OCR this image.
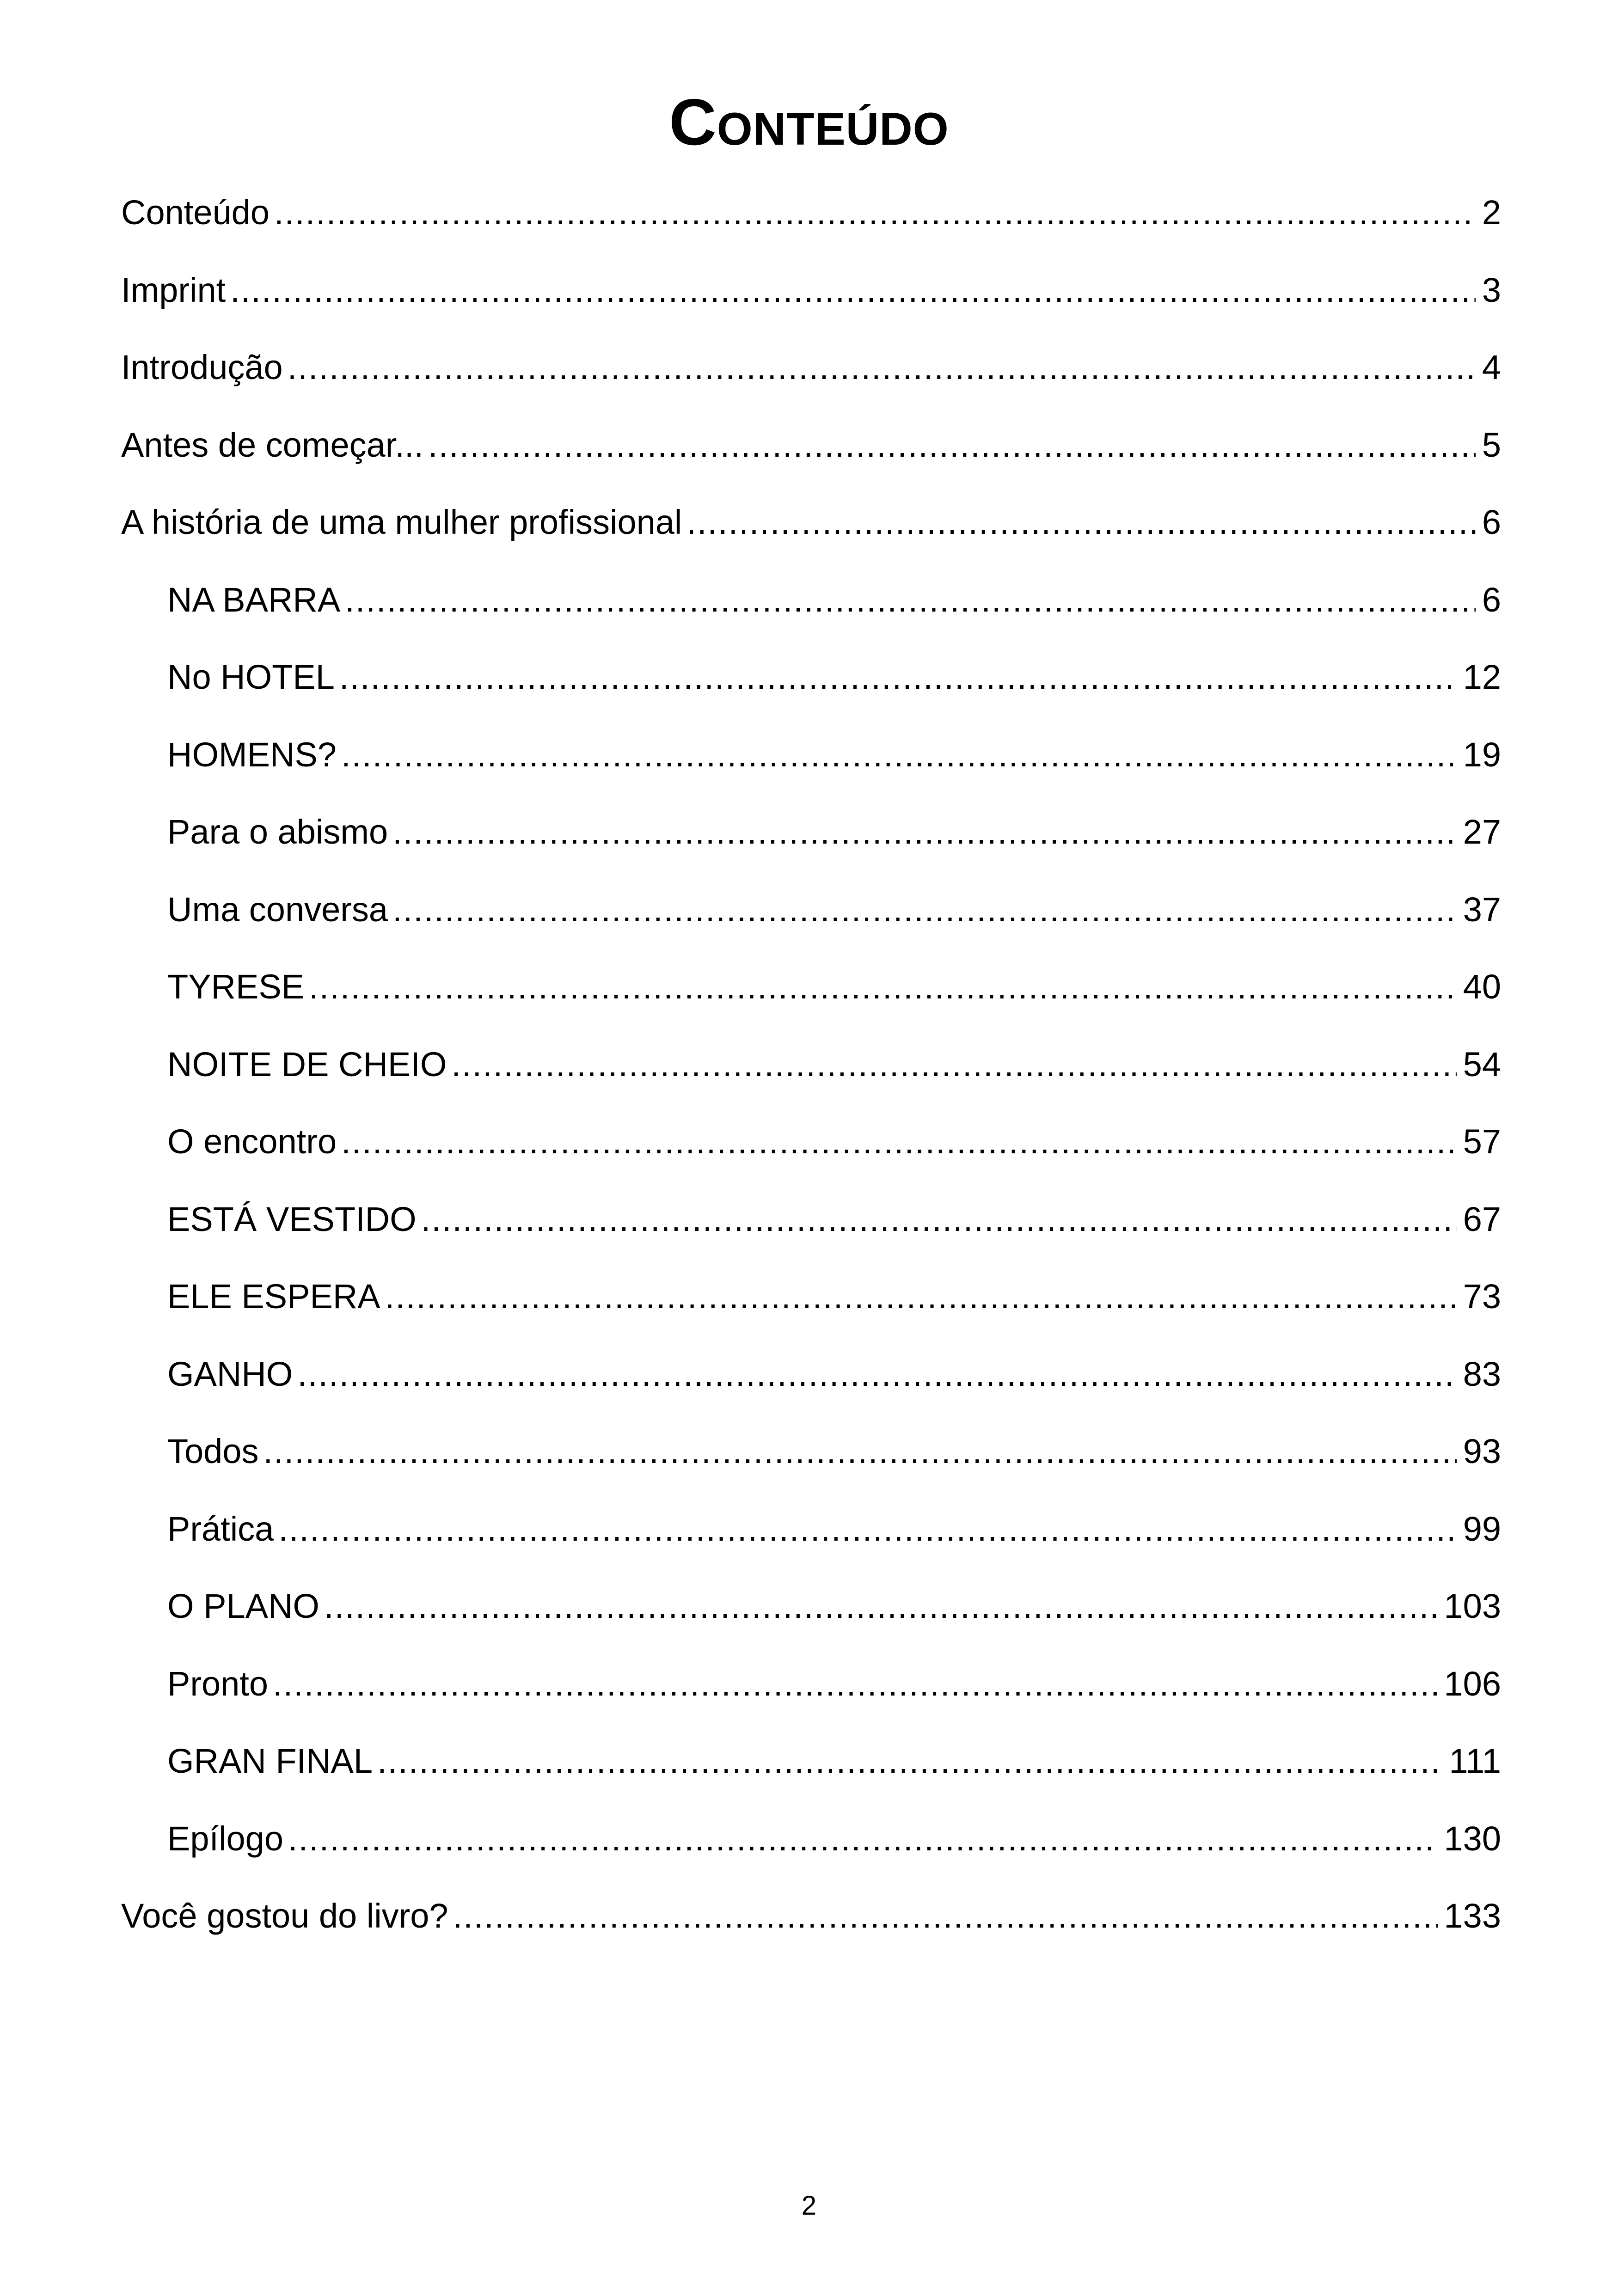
Conteúdo
Conteúdo .....	2
Imprint .....	3
Introdução .....	4
Antes de começar... .....	5
A história de uma mulher profissional .....	6
NA BARRA .....	6
No HOTEL .....	12
HOMENS? .....	19
Para o abismo .....	27
Uma conversa .....	37
TYRESE .....	40
NOITE DE CHEIO .....	54
O encontro .....	57
ESTÁ VESTIDO .....	67
ELE ESPERA .....	73
GANHO .....	83
Todos .....	93
Prática .....	99
O PLANO .....	103
Pronto .....	106
GRAN FINAL .....	111
Epílogo .....	130
Você gostou do livro? .....	133
2
